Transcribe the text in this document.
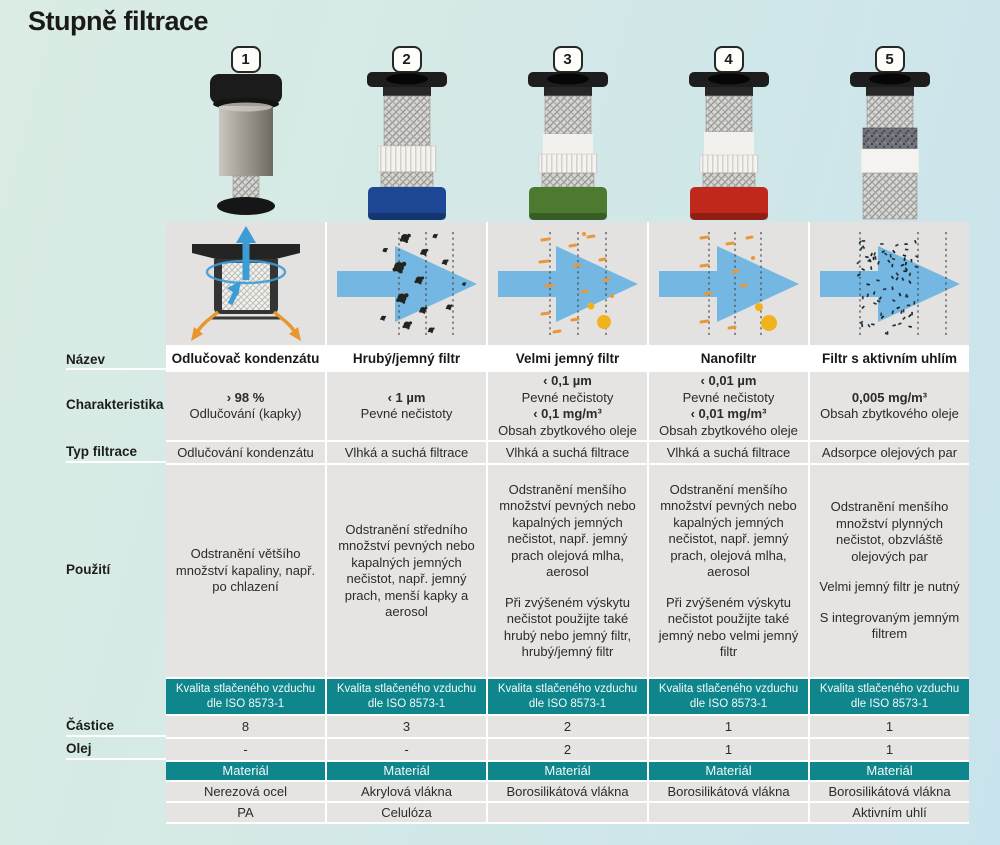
Stupně filtrace
Název
Charakteristika
Typ filtrace
Použití
Částice
Olej
1
Odlučovač kondenzátu
› 98 %
Odlučování (kapky)
Odlučování kondenzátu

Odstranění většího množství kapaliny, např. po chlazení

Kvalita stlačeného vzduchu dle ISO 8573-1
8
-
Materiál
Nerezová ocel
PA
2
Hrubý/jemný filtr
‹ 1 µm
Pevné nečistoty
Vlhká a suchá filtrace

Odstranění středního množství pevných nebo kapalných jemných nečistot, např. jemný prach, menší kapky a aerosol

Kvalita stlačeného vzduchu dle ISO 8573-1
3
-
Materiál
Akrylová vlákna
Celulóza
3
Velmi jemný filtr
‹ 0,1 µm
Pevné nečistoty
‹ 0,1 mg/m³
Obsah zbytkového oleje
Vlhká a suchá filtrace

Odstranění menšího množství pevných nebo kapalných jemných nečistot, např. jemný prach olejová mlha, aerosol

Při zvýšeném výskytu nečistot použijte také hrubý nebo jemný filtr, hrubý/jemný filtr

Kvalita stlačeného vzduchu dle ISO 8573-1
2
2
Materiál
Borosilikátová vlákna
4
Nanofiltr
‹ 0,01 µm
Pevné nečistoty
‹ 0,01 mg/m³
Obsah zbytkového oleje
Vlhká a suchá filtrace

Odstranění menšího množství pevných nebo kapalných jemných nečistot, např. jemný prach, olejová mlha, aerosol

Při zvýšeném výskytu nečistot použijte také jemný nebo velmi jemný filtr

Kvalita stlačeného vzduchu dle ISO 8573-1
1
1
Materiál
Borosilikátová vlákna
5
Filtr s aktivním uhlím
0,005 mg/m³
Obsah zbytkového oleje
Adsorpce olejových par

Odstranění menšího množství plynných nečistot, obzvláště olejových par

Velmi jemný filtr je nutný

S integrovaným jemným filtrem

Kvalita stlačeného vzduchu dle ISO 8573-1
1
1
Materiál
Borosilikátová vlákna
Aktivním uhlí
